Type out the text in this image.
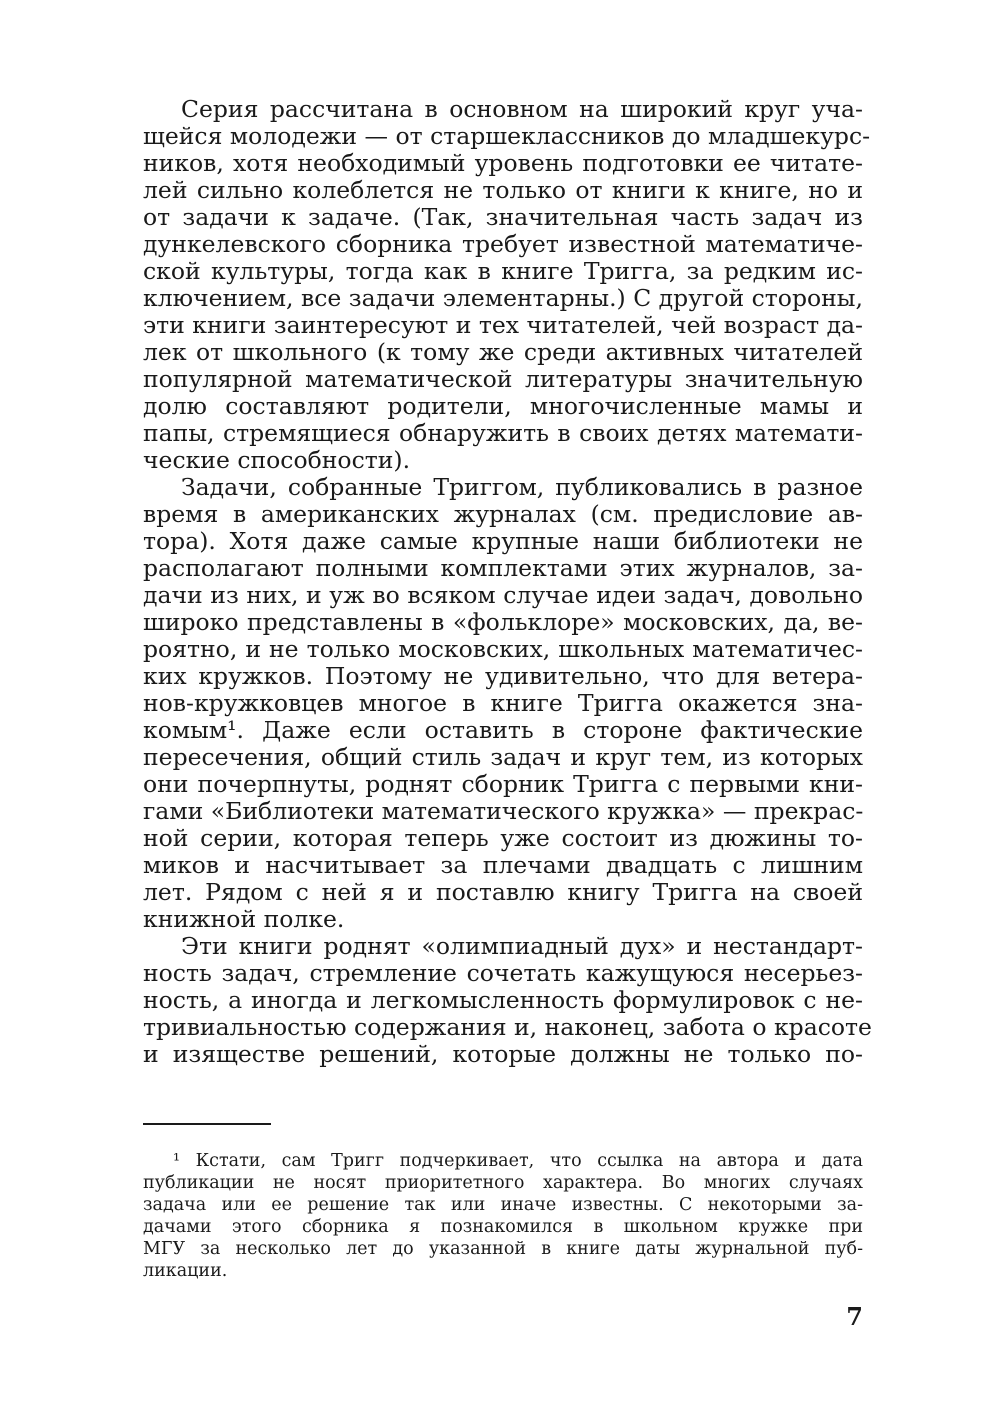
Серия рассчитана в основном на широкий круг уча-
щейся молодежи — от старшеклассников до младшекурс-
ников, хотя необходимый уровень подготовки ее читате-
лей сильно колеблется не только от книги к книге, но и
от задачи к задаче. (Так, значительная часть задач из
дункелевского сборника требует известной математиче-
ской культуры, тогда как в книге Тригга, за редким ис-
ключением, все задачи элементарны.) С другой стороны,
эти книги заинтересуют и тех читателей, чей возраст да-
лек от школьного (к тому же среди активных читателей
популярной математической литературы значительную
долю составляют родители, многочисленные мамы и
папы, стремящиеся обнаружить в своих детях математи-
ческие способности).
Задачи, собранные Триггом, публиковались в разное
время в американских журналах (см. предисловие ав-
тора). Хотя даже самые крупные наши библиотеки не
располагают полными комплектами этих журналов, за-
дачи из них, и уж во всяком случае идеи задач, довольно
широко представлены в «фольклоре» московских, да, ве-
роятно, и не только московских, школьных математичес-
ких кружков. Поэтому не удивительно, что для ветера-
нов-кружковцев многое в книге Тригга окажется зна-
комым¹. Даже если оставить в стороне фактические
пересечения, общий стиль задач и круг тем, из которых
они почерпнуты, роднят сборник Тригга с первыми кни-
гами «Библиотеки математического кружка» — прекрас-
ной серии, которая теперь уже состоит из дюжины то-
миков и насчитывает за плечами двадцать с лишним
лет. Рядом с ней я и поставлю книгу Тригга на своей
книжной полке.
Эти книги роднят «олимпиадный дух» и нестандарт-
ность задач, стремление сочетать кажущуюся несерьез-
ность, а иногда и легкомысленность формулировок с не-
тривиальностью содержания и, наконец, забота о красоте
и изяществе решений, которые должны не только по-
¹ Кстати, сам Тригг подчеркивает, что ссылка на автора и дата
публикации не носят приоритетного характера. Во многих случаях
задача или ее решение так или иначе известны. С некоторыми за-
дачами этого сборника я познакомился в школьном кружке при
МГУ за несколько лет до указанной в книге даты журнальной пуб-
ликации.
7
